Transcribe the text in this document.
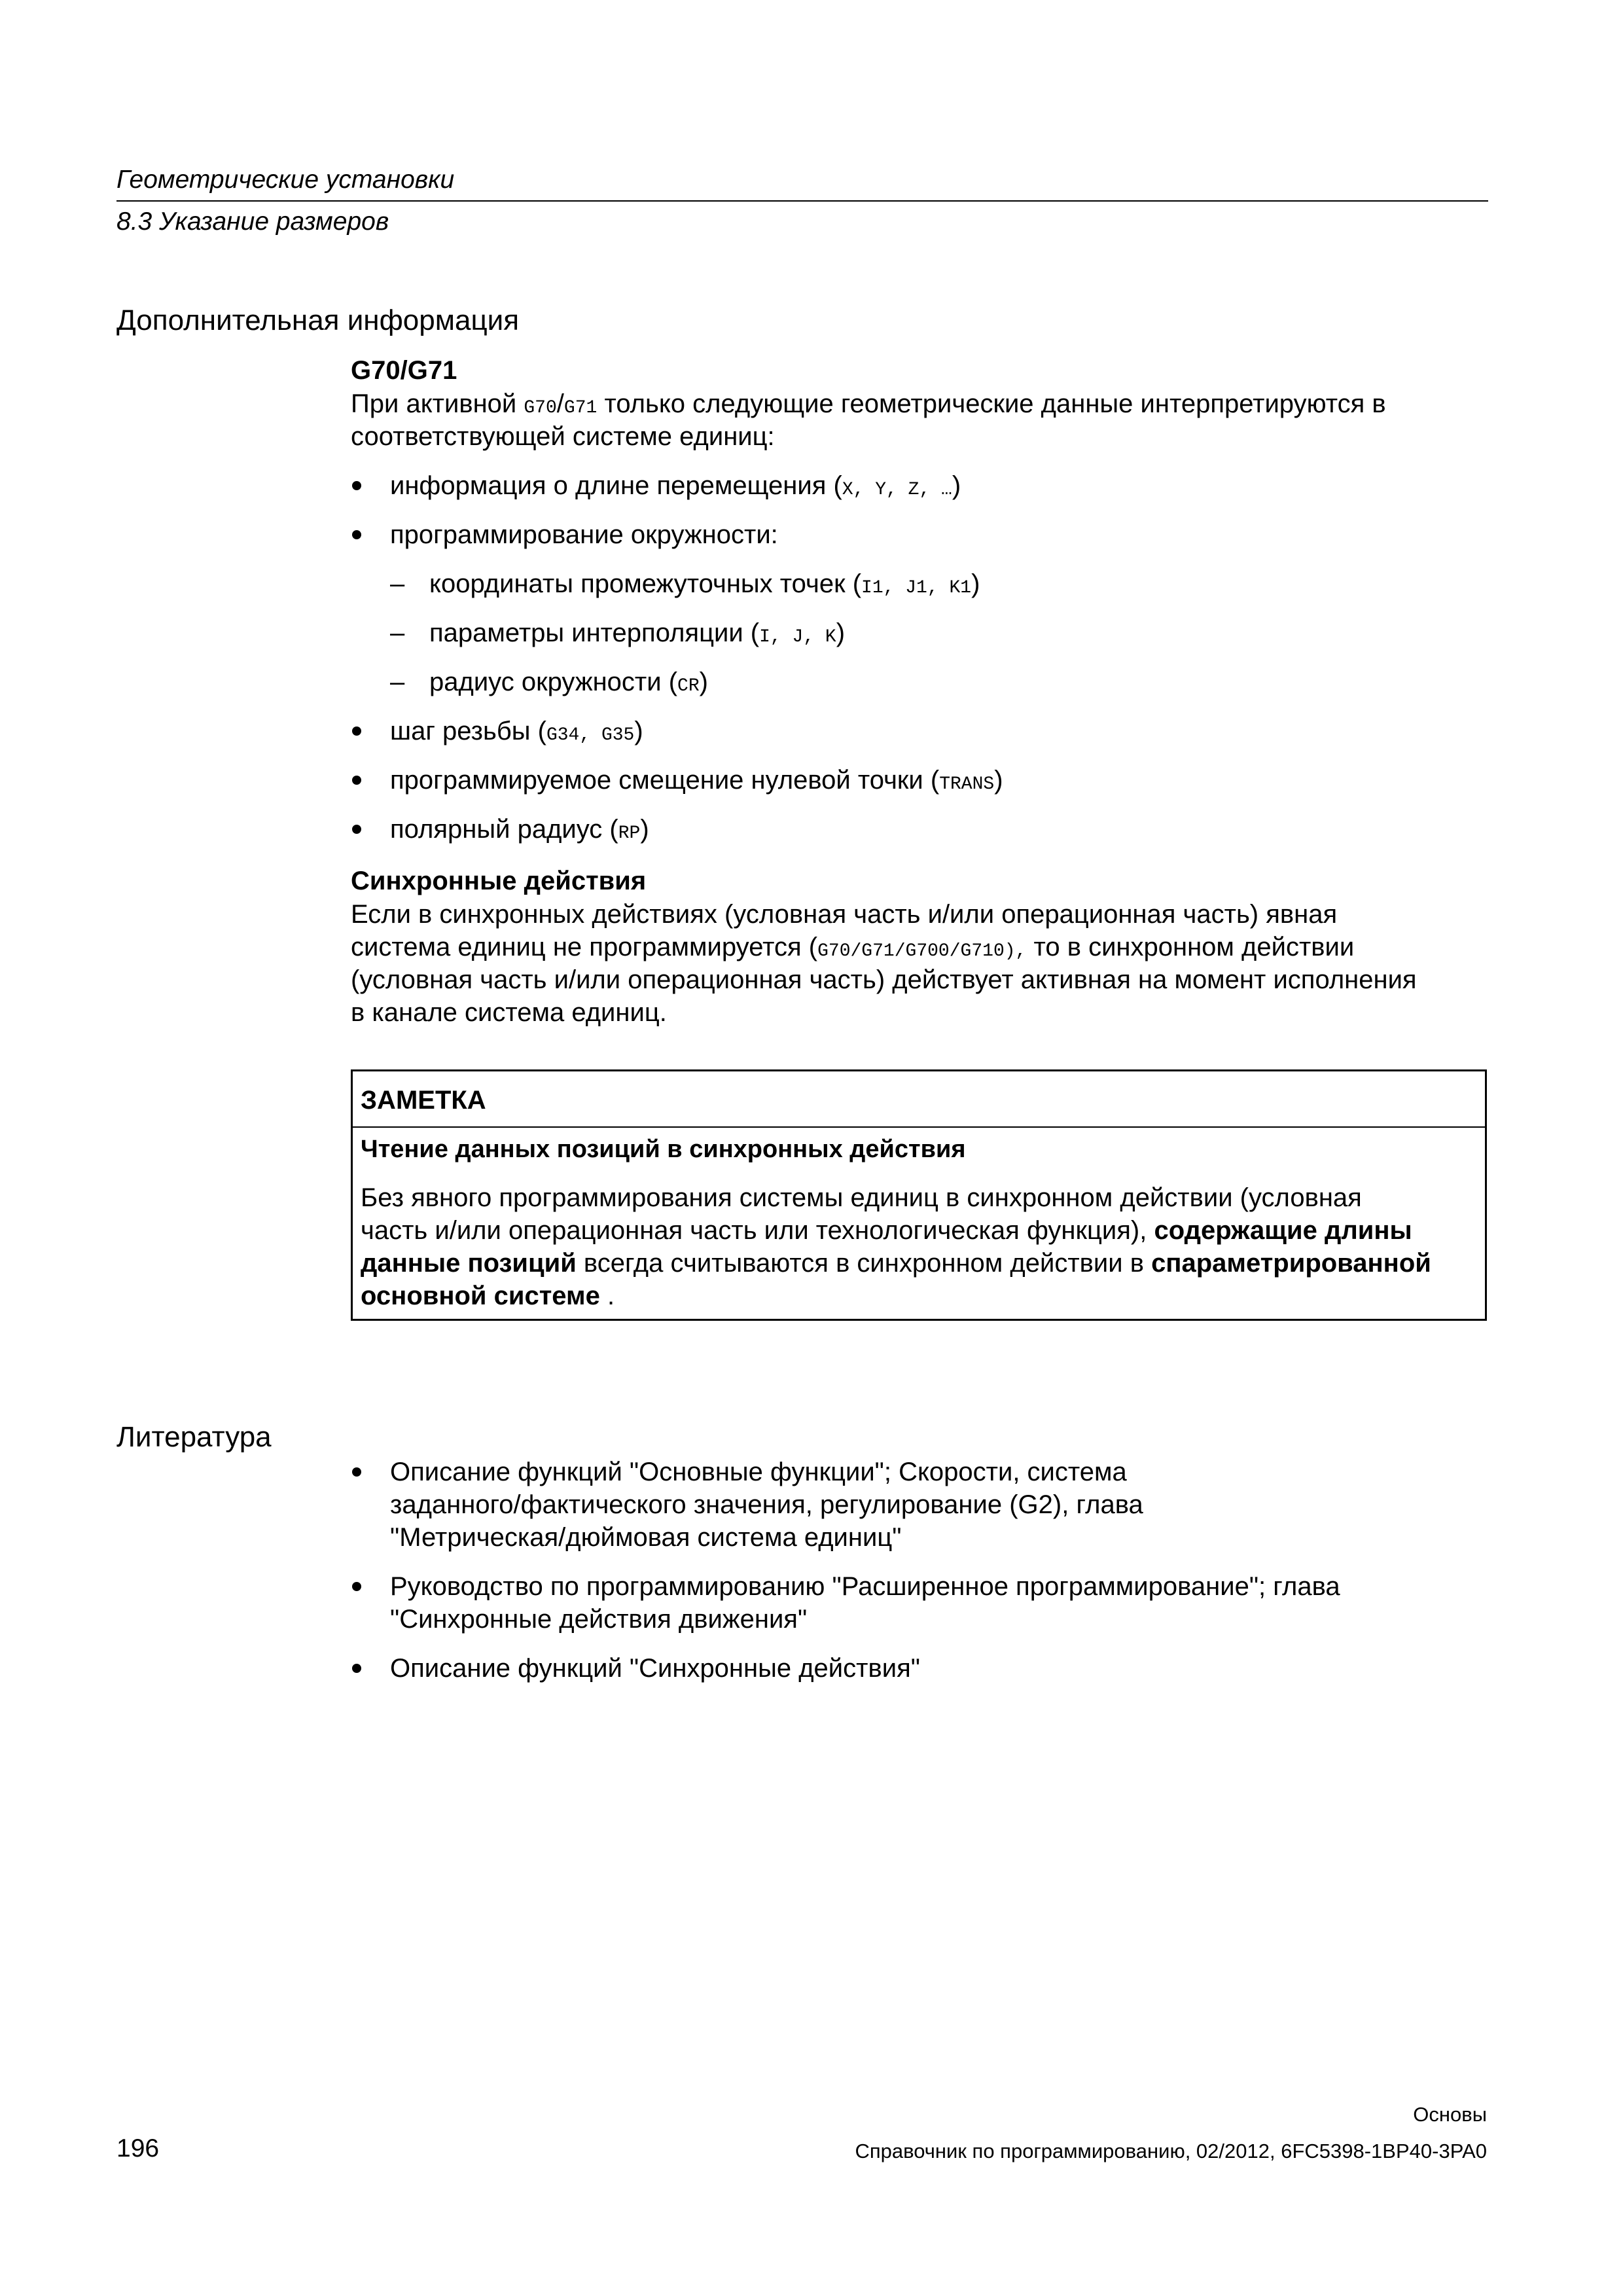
Геометрические установки
8.3 Указание размеров
Дополнительная информация
G70/G71
При активной G70/G71 только следующие геометрические данные интерпретируются в
соответствующей системе единиц:
информация о длине перемещения (X, Y, Z, …)
программирование окружности:
– координаты промежуточных точек (I1, J1, K1)
– параметры интерполяции (I, J, K)
– радиус окружности (CR)
шаг резьбы (G34, G35)
программируемое смещение нулевой точки (TRANS)
полярный радиус (RP)
Синхронные действия
Если в синхронных действиях (условная часть и/или операционная часть) явная
система единиц не программируется (G70/G71/G700/G710), то в синхронном действии
(условная часть и/или операционная часть) действует активная на момент исполнения
в канале система единиц.
ЗАМЕТКА
Чтение данных позиций в синхронных действия
Без явного программирования системы единиц в синхронном действии (условная
часть и/или операционная часть или технологическая функция), содержащие длины
данные позиций всегда считываются в синхронном действии в спараметрированной
основной системе .
Литература
Описание функций "Основные функции"; Скорости, система
заданного/фактического значения, регулирование (G2), глава
"Метрическая/дюймовая система единиц"
Руководство по программированию "Расширенное программирование"; глава
"Синхронные действия движения"
Описание функций "Синхронные действия"
Основы
196	Справочник по программированию, 02/2012, 6FC5398-1BP40-3PA0
